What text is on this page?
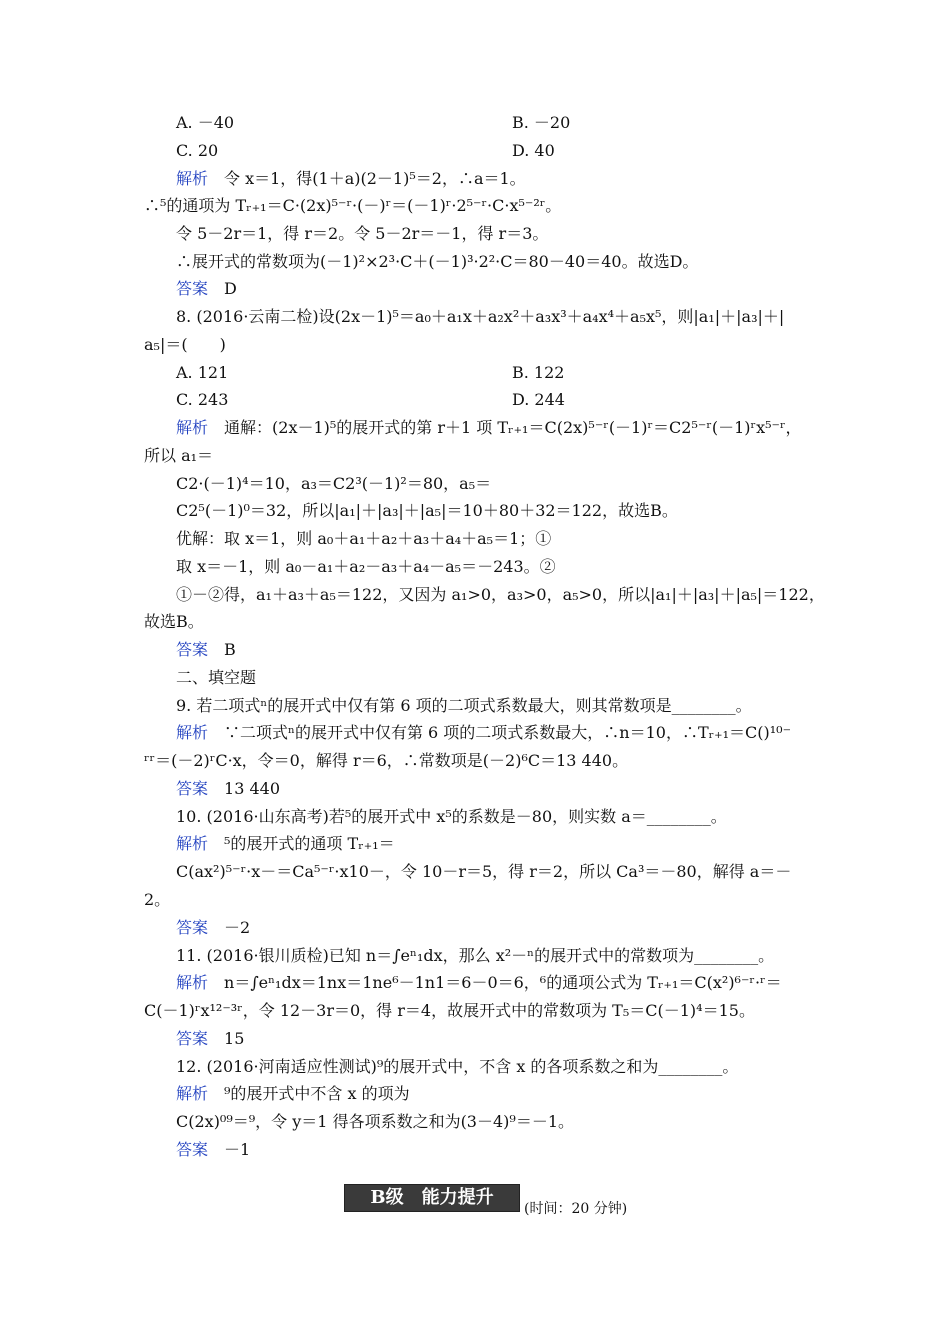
A. －40	B. －20
C. 20	D. 40
解析　令 x＝1，得(1＋a)(2－1)⁵＝2，∴a＝1。
∴⁵的通项为 Tᵣ₊₁＝C·(2x)⁵⁻ʳ·(－)ʳ＝(－1)ʳ·2⁵⁻ʳ·C·x⁵⁻²ʳ。
令 5－2r＝1，得 r＝2。令 5－2r＝－1，得 r＝3。
∴展开式的常数项为(－1)²×2³·C＋(－1)³·2²·C＝80－40＝40。故选D。
答案　D
8. (2016·云南二检)设(2x－1)⁵＝a₀＋a₁x＋a₂x²＋a₃x³＋a₄x⁴＋a₅x⁵，则|a₁|＋|a₃|＋|
a₅|＝(　　)
A. 121	B. 122
C. 243	D. 244
解析　通解：(2x－1)⁵的展开式的第 r＋1 项 Tᵣ₊₁＝C(2x)⁵⁻ʳ(－1)ʳ＝C2⁵⁻ʳ(－1)ʳx⁵⁻ʳ，
所以 a₁＝
C2·(－1)⁴＝10，a₃＝C2³(－1)²＝80，a₅＝
C2⁵(－1)⁰＝32，所以|a₁|＋|a₃|＋|a₅|＝10＋80＋32＝122，故选B。
优解：取 x＝1，则 a₀＋a₁＋a₂＋a₃＋a₄＋a₅＝1；①
取 x＝－1，则 a₀－a₁＋a₂－a₃＋a₄－a₅＝－243。②
①－②得，a₁＋a₃＋a₅＝122，又因为 a₁>0，a₃>0，a₅>0，所以|a₁|＋|a₃|＋|a₅|＝122，
故选B。
答案　B
二、填空题
9. 若二项式ⁿ的展开式中仅有第 6 项的二项式系数最大，则其常数项是________。
解析　∵二项式ⁿ的展开式中仅有第 6 项的二项式系数最大，∴n＝10，∴Tᵣ₊₁＝C()¹⁰⁻
ʳʳ＝(－2)ʳC·x，令＝0，解得 r＝6，∴常数项是(－2)⁶C＝13 440。
答案　13 440
10. (2016·山东高考)若⁵的展开式中 x⁵的系数是－80，则实数 a＝________。
解析　⁵的展开式的通项 Tᵣ₊₁＝
C(ax²)⁵⁻ʳ·x－＝Ca⁵⁻ʳ·x10－，令 10－r＝5，得 r＝2，所以 Ca³＝－80，解得 a＝－
2。
答案　－2
11. (2016·银川质检)已知 n＝∫eⁿ₁dx，那么 x²－ⁿ的展开式中的常数项为________。
解析　n＝∫eⁿ₁dx＝1nx＝1ne⁶－1n1＝6－0＝6，⁶的通项公式为 Tᵣ₊₁＝C(x²)⁶⁻ʳ·ʳ＝
C(－1)ʳx¹²⁻³ʳ，令 12－3r＝0，得 r＝4，故展开式中的常数项为 T₅＝C(－1)⁴＝15。
答案　15
12. (2016·河南适应性测试)⁹的展开式中，不含 x 的各项系数之和为________。
解析　⁹的展开式中不含 x 的项为
C(2x)⁰⁹＝⁹，令 y＝1 得各项系数之和为(3－4)⁹＝－1。
答案　－1
B级　能力提升
(时间：20 分钟)
